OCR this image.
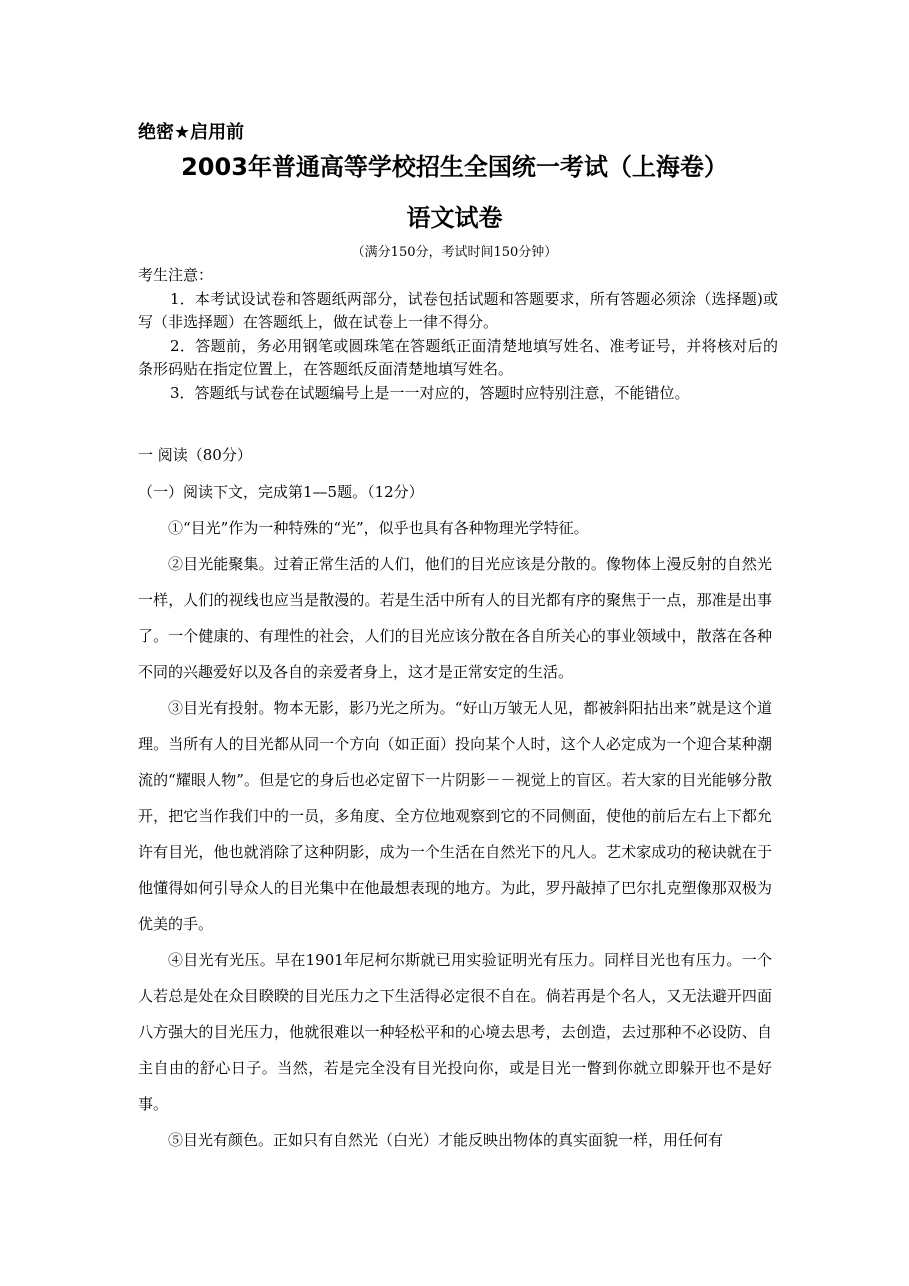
绝密★启用前
2003年普通高等学校招生全国统一考试（上海卷）
语文试卷
（满分150分，考试时间150分钟）

考生注意：

1．本考试设试卷和答题纸两部分，试卷包括试题和答题要求，所有答题必须涂（选择题)或写（非选择题）在答题纸上，做在试卷上一律不得分。

2．答题前，务必用钢笔或圆珠笔在答题纸正面清楚地填写姓名、准考证号，并将核对后的条形码贴在指定位置上，在答题纸反面清楚地填写姓名。

3．答题纸与试卷在试题编号上是一一对应的，答题时应特别注意，不能错位。

一 阅读（80分）
（一）阅读下文，完成第1—5题。（12分）

①“目光”作为一种特殊的“光”，似乎也具有各种物理光学特征。

②目光能聚集。过着正常生活的人们，他们的目光应该是分散的。像物体上漫反射的自然光一样，人们的视线也应当是散漫的。若是生活中所有人的目光都有序的聚焦于一点，那准是出事了。一个健康的、有理性的社会，人们的目光应该分散在各自所关心的事业领域中，散落在各种不同的兴趣爱好以及各自的亲爱者身上，这才是正常安定的生活。

③目光有投射。物本无影，影乃光之所为。“好山万皱无人见，都被斜阳拈出来”就是这个道理。当所有人的目光都从同一个方向（如正面）投向某个人时，这个人必定成为一个迎合某种潮流的“耀眼人物”。但是它的身后也必定留下一片阴影－－视觉上的盲区。若大家的目光能够分散开，把它当作我们中的一员，多角度、全方位地观察到它的不同侧面，使他的前后左右上下都允许有目光，他也就消除了这种阴影，成为一个生活在自然光下的凡人。艺术家成功的秘诀就在于他懂得如何引导众人的目光集中在他最想表现的地方。为此，罗丹敲掉了巴尔扎克塑像那双极为优美的手。

④目光有光压。早在1901年尼柯尔斯就已用实验证明光有压力。同样目光也有压力。一个人若总是处在众目睽睽的目光压力之下生活得必定很不自在。倘若再是个名人，又无法避开四面八方强大的目光压力，他就很难以一种轻松平和的心境去思考，去创造，去过那种不必设防、自主自由的舒心日子。当然，若是完全没有目光投向你，或是目光一瞥到你就立即躲开也不是好事。

⑤目光有颜色。正如只有自然光（白光）才能反映出物体的真实面貌一样，用任何有
